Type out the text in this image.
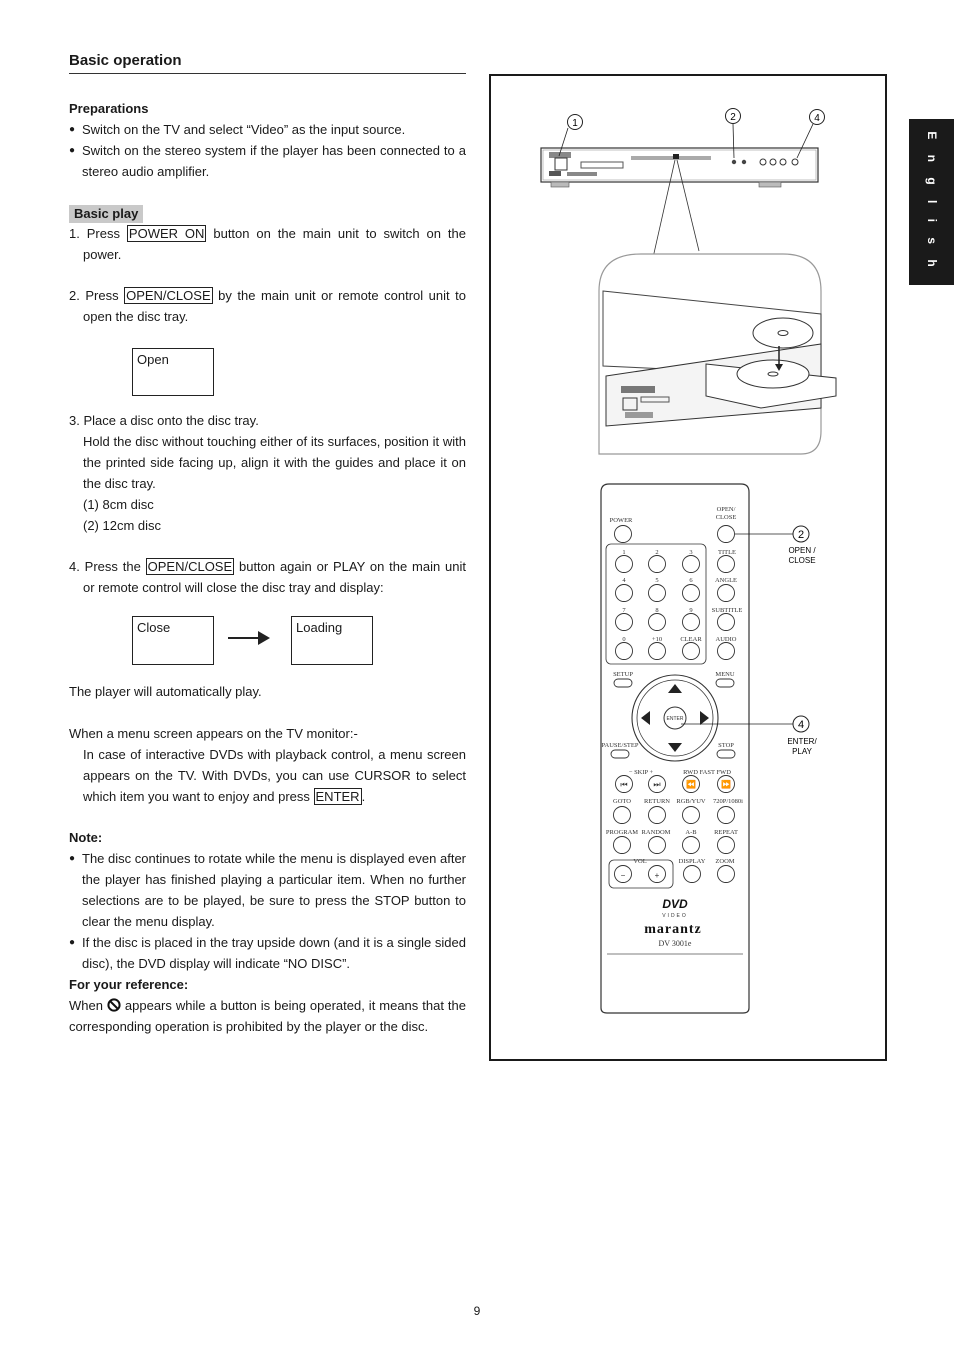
Basic operation
E n g l i s h
Preparations
● Switch on the TV and select “Video” as the input source.
● Switch on the stereo system if the player has been connected to a stereo audio amplifier.
Basic play
1. Press POWER ON button on the main unit to switch on the power.
2. Press OPEN/CLOSE by the main unit or remote control unit to open the disc tray.
Open
3. Place a disc onto the disc tray.
Hold the disc without touching either of its surfaces, position it with the printed side facing up, align it with the guides and place it on the disc tray.
(1) 8cm disc
(2) 12cm disc
4. Press the OPEN/CLOSE button again or PLAY on the main unit or remote control will close the disc tray and display:
Close	Loading
The player will automatically play.
When a menu screen appears on the TV monitor:-
In case of interactive DVDs with playback control, a menu screen appears on the TV. With DVDs, you can use CURSOR to select which item you want to enjoy and press ENTER .
Note:
● The disc continues to rotate while the menu is displayed even after the player has finished playing a particular item. When no further selections are to be played, be sure to press the STOP button to clear the menu display.
● If the disc is placed in the tray upside down (and it is a single sided disc), the DVD display will indicate “NO DISC”.
For your reference:
When  appears while a button is being operated, it means that the corresponding operation is prohibited by the player or the disc.
1
2	4
POWER
OPEN/
CLOSE
1	2	3	TITLE
4	5	6	ANGLE
7	8	9	SUBTITLE
0	+10	CLEAR AUDIO
SETUP	MENU
PAUSE/STEP	STOP
− SKIP +	RWD FAST FWD
GOTO RETURN RGB/YUV 720P/1080i
PROGRAM RANDOM A-B	REPEAT
VOL	DISPLAY ZOOM
⏮	⏭	⏪	⏩
−	+
ENTER
DVD
VIDEO
marantz
DV 3001e
2
OPEN /
CLOSE
4
ENTER/
PLAY
9
